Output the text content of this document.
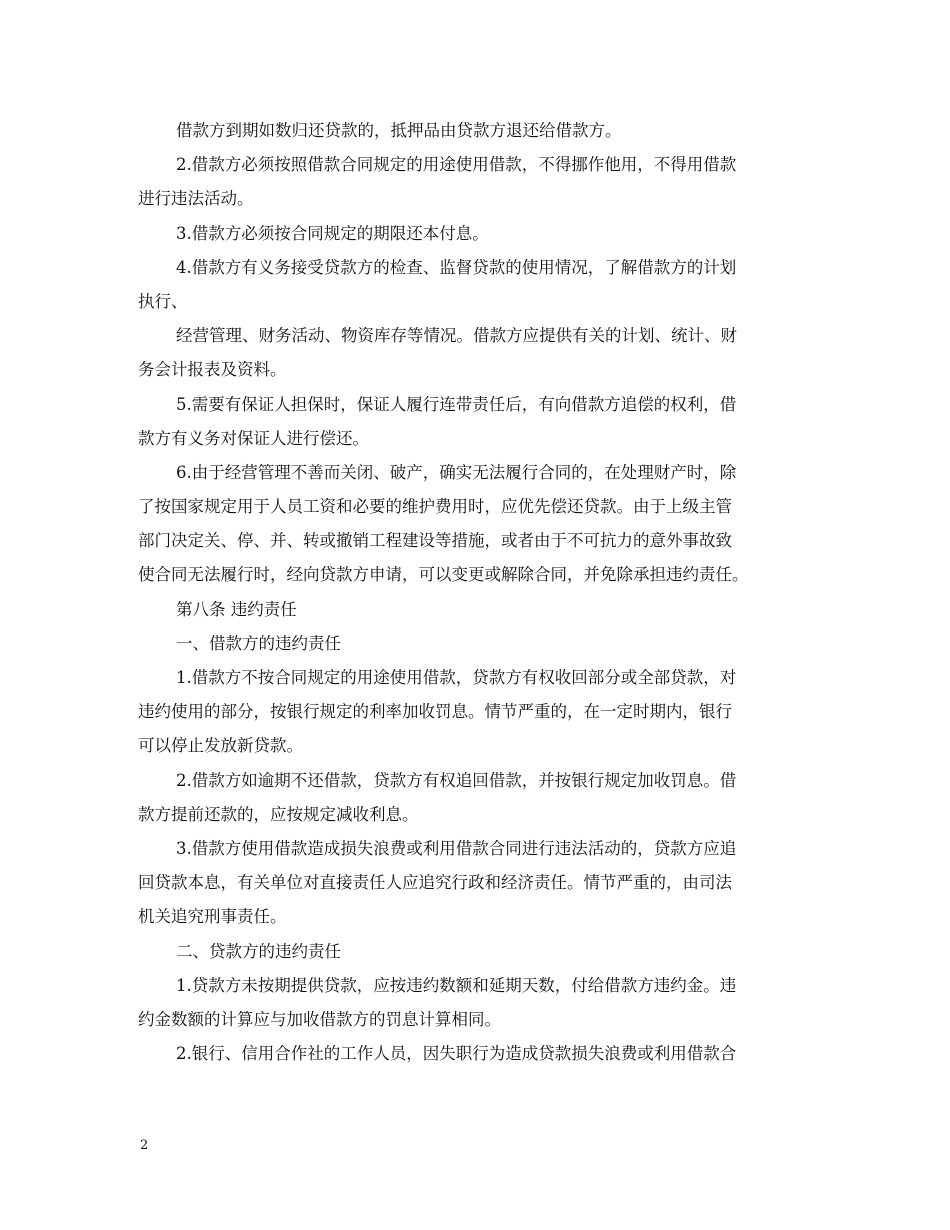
借款方到期如数归还贷款的，抵押品由贷款方退还给借款方。
2.借款方必须按照借款合同规定的用途使用借款，不得挪作他用，不得用借款
进行违法活动。
3.借款方必须按合同规定的期限还本付息。
4.借款方有义务接受贷款方的检查、监督贷款的使用情况，了解借款方的计划
执行、
经营管理、财务活动、物资库存等情况。借款方应提供有关的计划、统计、财
务会计报表及资料。
5.需要有保证人担保时，保证人履行连带责任后，有向借款方追偿的权利，借
款方有义务对保证人进行偿还。
6.由于经营管理不善而关闭、破产，确实无法履行合同的，在处理财产时，除
了按国家规定用于人员工资和必要的维护费用时，应优先偿还贷款。由于上级主管
部门决定关、停、并、转或撤销工程建设等措施，或者由于不可抗力的意外事故致
使合同无法履行时，经向贷款方申请，可以变更或解除合同，并免除承担违约责任。
第八条 违约责任
一、借款方的违约责任
1.借款方不按合同规定的用途使用借款，贷款方有权收回部分或全部贷款，对
违约使用的部分，按银行规定的利率加收罚息。情节严重的，在一定时期内，银行
可以停止发放新贷款。
2.借款方如逾期不还借款，贷款方有权追回借款，并按银行规定加收罚息。借
款方提前还款的，应按规定减收利息。
3.借款方使用借款造成损失浪费或利用借款合同进行违法活动的，贷款方应追
回贷款本息，有关单位对直接责任人应追究行政和经济责任。情节严重的，由司法
机关追究刑事责任。
二、贷款方的违约责任
1.贷款方未按期提供贷款，应按违约数额和延期天数，付给借款方违约金。违
约金数额的计算应与加收借款方的罚息计算相同。
2.银行、信用合作社的工作人员，因失职行为造成贷款损失浪费或利用借款合
2
